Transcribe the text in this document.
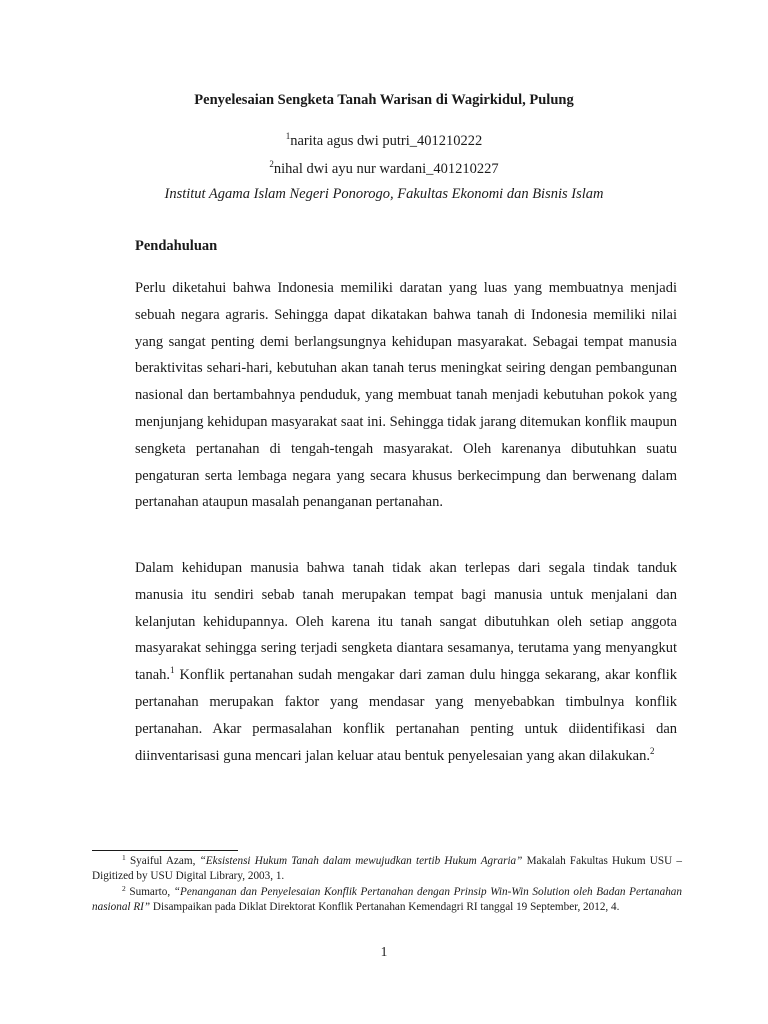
Penyelesaian Sengketa Tanah Warisan di Wagirkidul, Pulung
$^1$narita agus dwi putri_401210222
$^2$nihal dwi ayu nur wardani_401210227
Institut Agama Islam Negeri Ponorogo, Fakultas Ekonomi dan Bisnis Islam
Pendahuluan
Perlu diketahui bahwa Indonesia memiliki daratan yang luas yang membuatnya menjadi sebuah negara agraris. Sehingga dapat dikatakan bahwa tanah di Indonesia memiliki nilai yang sangat penting demi berlangsungnya kehidupan masyarakat. Sebagai tempat manusia beraktivitas sehari-hari, kebutuhan akan tanah terus meningkat seiring dengan pembangunan nasional dan bertambahnya penduduk, yang membuat tanah menjadi kebutuhan pokok yang menjunjang kehidupan masyarakat saat ini. Sehingga tidak jarang ditemukan konflik maupun sengketa pertanahan di tengah-tengah masyarakat. Oleh karenanya dibutuhkan suatu pengaturan serta lembaga negara yang secara khusus berkecimpung dan berwenang dalam pertanahan ataupun masalah penanganan pertanahan.
Dalam kehidupan manusia bahwa tanah tidak akan terlepas dari segala tindak tanduk manusia itu sendiri sebab tanah merupakan tempat bagi manusia untuk menjalani dan kelanjutan kehidupannya. Oleh karena itu tanah sangat dibutuhkan oleh setiap anggota masyarakat sehingga sering terjadi sengketa diantara sesamanya, terutama yang menyangkut tanah.$^1$ Konflik pertanahan sudah mengakar dari zaman dulu hingga sekarang, akar konflik pertanahan merupakan faktor yang mendasar yang menyebabkan timbulnya konflik pertanahan. Akar permasalahan konflik pertanahan penting untuk diidentifikasi dan diinventarisasi guna mencari jalan keluar atau bentuk penyelesaian yang akan dilakukan.$^2$
$^1$ Syaiful Azam, “Eksistensi Hukum Tanah dalam mewujudkan tertib Hukum Agraria” Makalah Fakultas Hukum USU – Digitized by USU Digital Library, 2003, 1.
$^2$ Sumarto, “Penanganan dan Penyelesaian Konflik Pertanahan dengan Prinsip Win-Win Solution oleh Badan Pertanahan nasional RI” Disampaikan pada Diklat Direktorat Konflik Pertanahan Kemendagri RI tanggal 19 September, 2012, 4.
1
